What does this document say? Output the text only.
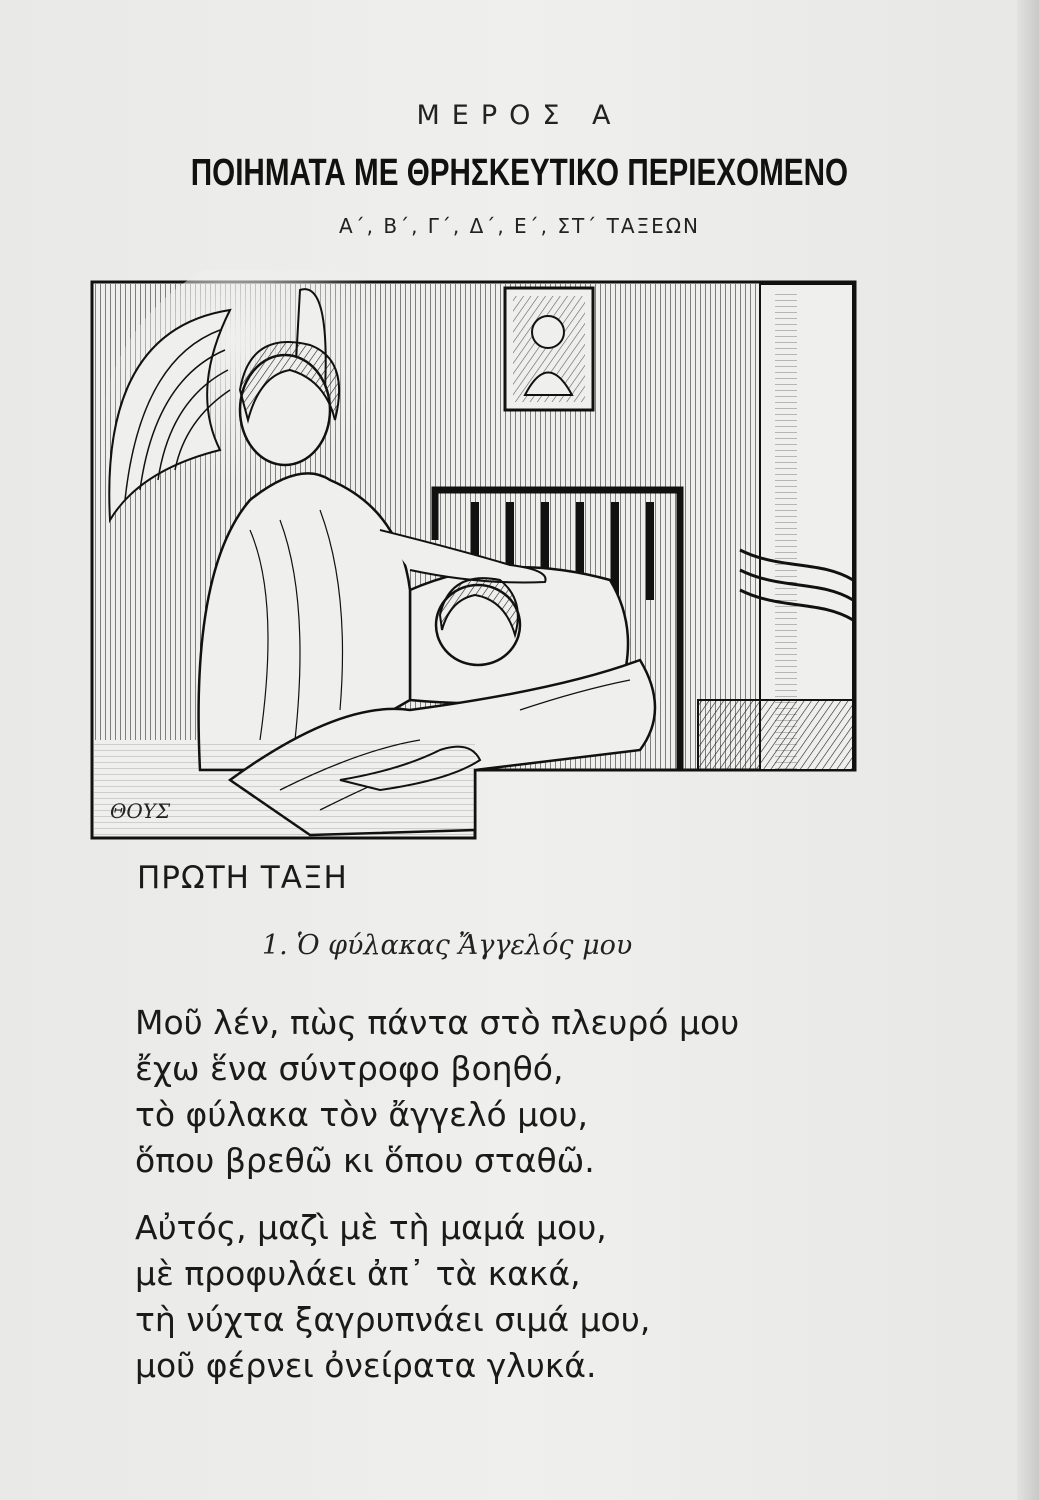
ΜΕΡΟΣ Α
ΠΟΙΗΜΑΤΑ ΜΕ ΘΡΗΣΚΕΥΤΙΚΟ ΠΕΡΙΕΧΟΜΕΝΟ
Α΄, Β΄, Γ΄, Δ΄, Ε΄, ΣΤ΄ ΤΑΞΕΩΝ
ΘΟΥΣ
ΠΡΩΤΗ ΤΑΞΗ
1. Ὁ φύλακας Ἄγγελός μου
Μοῦ λέν, πὼς πάντα στὸ πλευρό μου
ἔχω ἕνα σύντροφο βοηθό,
τὸ φύλακα τὸν ἄγγελό μου,
ὅπου βρεθῶ κι ὅπου σταθῶ.
Αὐτός, μαζὶ μὲ τὴ μαμά μου,
μὲ προφυλάει ἀπ᾿ τὰ κακά,
τὴ νύχτα ξαγρυπνάει σιμά μου,
μοῦ φέρνει ὀνείρατα γλυκά.
